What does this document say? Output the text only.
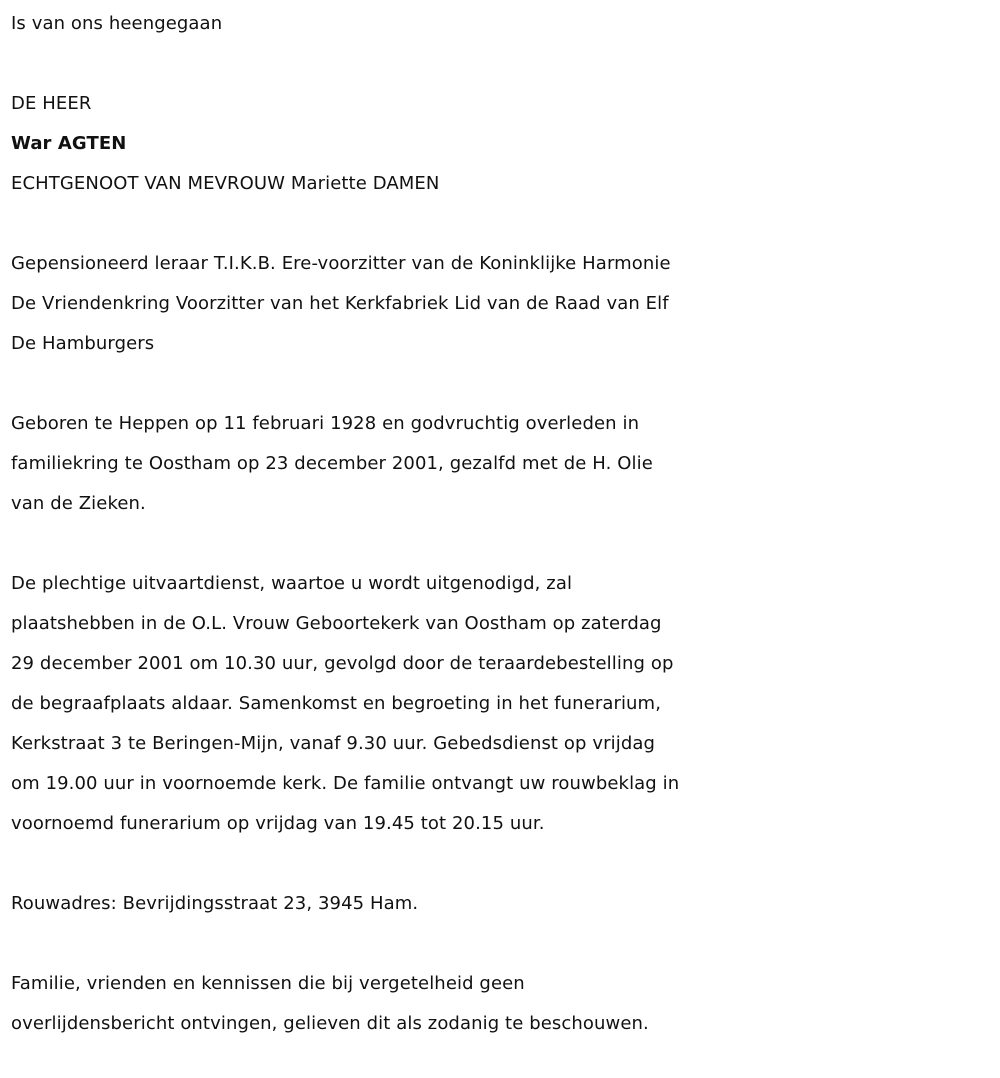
Is van ons heengegaan
DE HEER
War AGTEN
ECHTGENOOT VAN MEVROUW Mariette DAMEN
Gepensioneerd leraar T.I.K.B. Ere-voorzitter van de Koninklijke Harmonie
De Vriendenkring Voorzitter van het Kerkfabriek Lid van de Raad van Elf
De Hamburgers
Geboren te Heppen op 11 februari 1928 en godvruchtig overleden in
familiekring te Oostham op 23 december 2001, gezalfd met de H. Olie
van de Zieken.
De plechtige uitvaartdienst, waartoe u wordt uitgenodigd, zal
plaatshebben in de O.L. Vrouw Geboortekerk van Oostham op zaterdag
29 december 2001 om 10.30 uur, gevolgd door de teraardebestelling op
de begraafplaats aldaar. Samenkomst en begroeting in het funerarium,
Kerkstraat 3 te Beringen-Mijn, vanaf 9.30 uur. Gebedsdienst op vrijdag
om 19.00 uur in voornoemde kerk. De familie ontvangt uw rouwbeklag in
voornoemd funerarium op vrijdag van 19.45 tot 20.15 uur.
Rouwadres: Bevrijdingsstraat 23, 3945 Ham.
Familie, vrienden en kennissen die bij vergetelheid geen
overlijdensbericht ontvingen, gelieven dit als zodanig te beschouwen.
